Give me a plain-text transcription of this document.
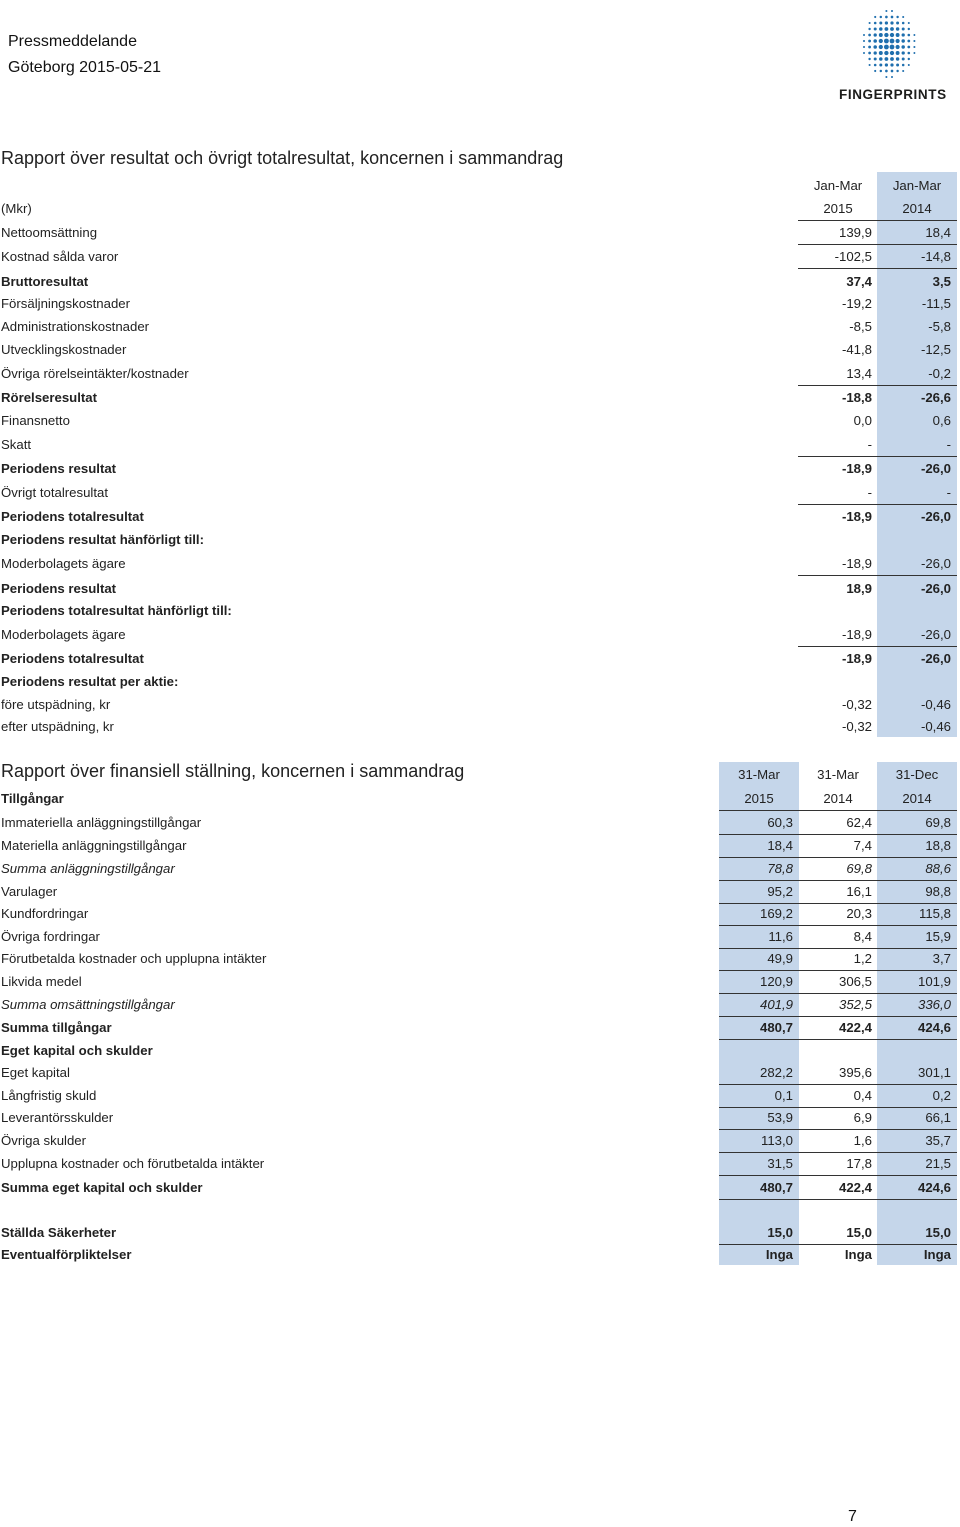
Pressmeddelande
Göteborg 2015-05-21
FINGERPRINTS
Rapport över resultat och övrigt totalresultat, koncernen i sammandrag
Jan-Mar	Jan-Mar
(Mkr)	2015	2014
Nettoomsättning	139,9	18,4
Kostnad sålda varor	-102,5	-14,8
Bruttoresultat	37,4	3,5
Försäljningskostnader	-19,2	-11,5
Administrationskostnader	-8,5	-5,8
Utvecklingskostnader	-41,8	-12,5
Övriga rörelseintäkter/kostnader	13,4	-0,2
Rörelseresultat	-18,8	-26,6
Finansnetto	0,0	0,6
Skatt	-	-
Periodens resultat	-18,9	-26,0
Övrigt totalresultat	-	-
Periodens totalresultat	-18,9	-26,0
Periodens resultat hänförligt till:
Moderbolagets ägare	-18,9	-26,0
Periodens resultat	18,9	-26,0
Periodens totalresultat hänförligt till:
Moderbolagets ägare	-18,9	-26,0
Periodens totalresultat	-18,9	-26,0
Periodens resultat per aktie:
före utspädning, kr	-0,32	-0,46
efter utspädning, kr	-0,32	-0,46
Rapport över finansiell ställning, koncernen i sammandrag	31-Mar	31-Mar	31-Dec
Tillgångar	2015	2014	2014
Immateriella anläggningstillgångar	60,3	62,4	69,8
Materiella anläggningstillgångar	18,4	7,4	18,8
Summa anläggningstillgångar	78,8	69,8	88,6
Varulager	95,2	16,1	98,8
Kundfordringar	169,2	20,3	115,8
Övriga fordringar	11,6	8,4	15,9
Förutbetalda kostnader och upplupna intäkter	49,9	1,2	3,7
Likvida medel	120,9	306,5	101,9
Summa omsättningstillgångar	401,9	352,5	336,0
Summa tillgångar	480,7	422,4	424,6
Eget kapital och skulder
Eget kapital	282,2	395,6	301,1
Långfristig skuld	0,1	0,4	0,2
Leverantörsskulder	53,9	6,9	66,1
Övriga skulder	113,0	1,6	35,7
Upplupna kostnader och förutbetalda intäkter	31,5	17,8	21,5
Summa eget kapital och skulder	480,7	422,4	424,6
Ställda Säkerheter	15,0	15,0	15,0
Eventualförpliktelser	Inga	Inga	Inga
7
